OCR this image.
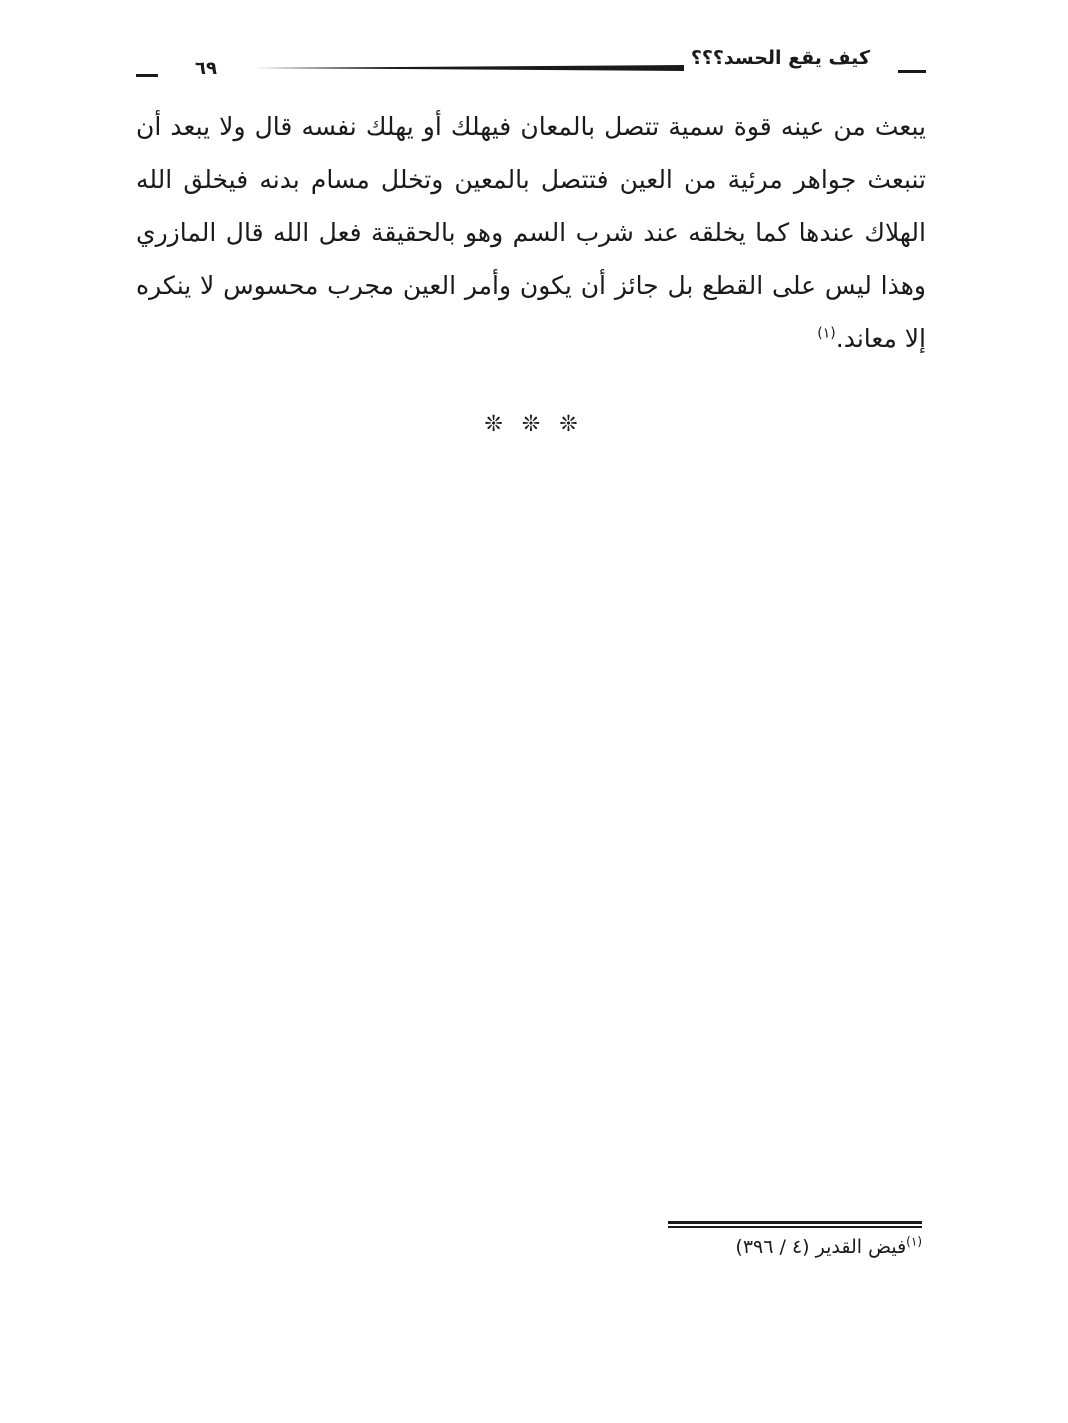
كيف يقع الحسد؟؟؟
٦٩
يبعث من عينه قوة سمية تتصل بالمعان فيهلك أو يهلك نفسه قال ولا يبعد أن تنبعث جواهر مرئية من العين فتتصل بالمعين وتخلل مسام بدنه فيخلق الله الهلاك عندها كما يخلقه عند شرب السم وهو بالحقيقة فعل الله قال المازري وهذا ليس على القطع بل جائز أن يكون وأمر العين مجرب محسوس لا ينكره إلا معاند.$^{(١)}$
❊ ❊ ❊
$^{(١)}$فيض القدير (٤ / ٣٩٦)
